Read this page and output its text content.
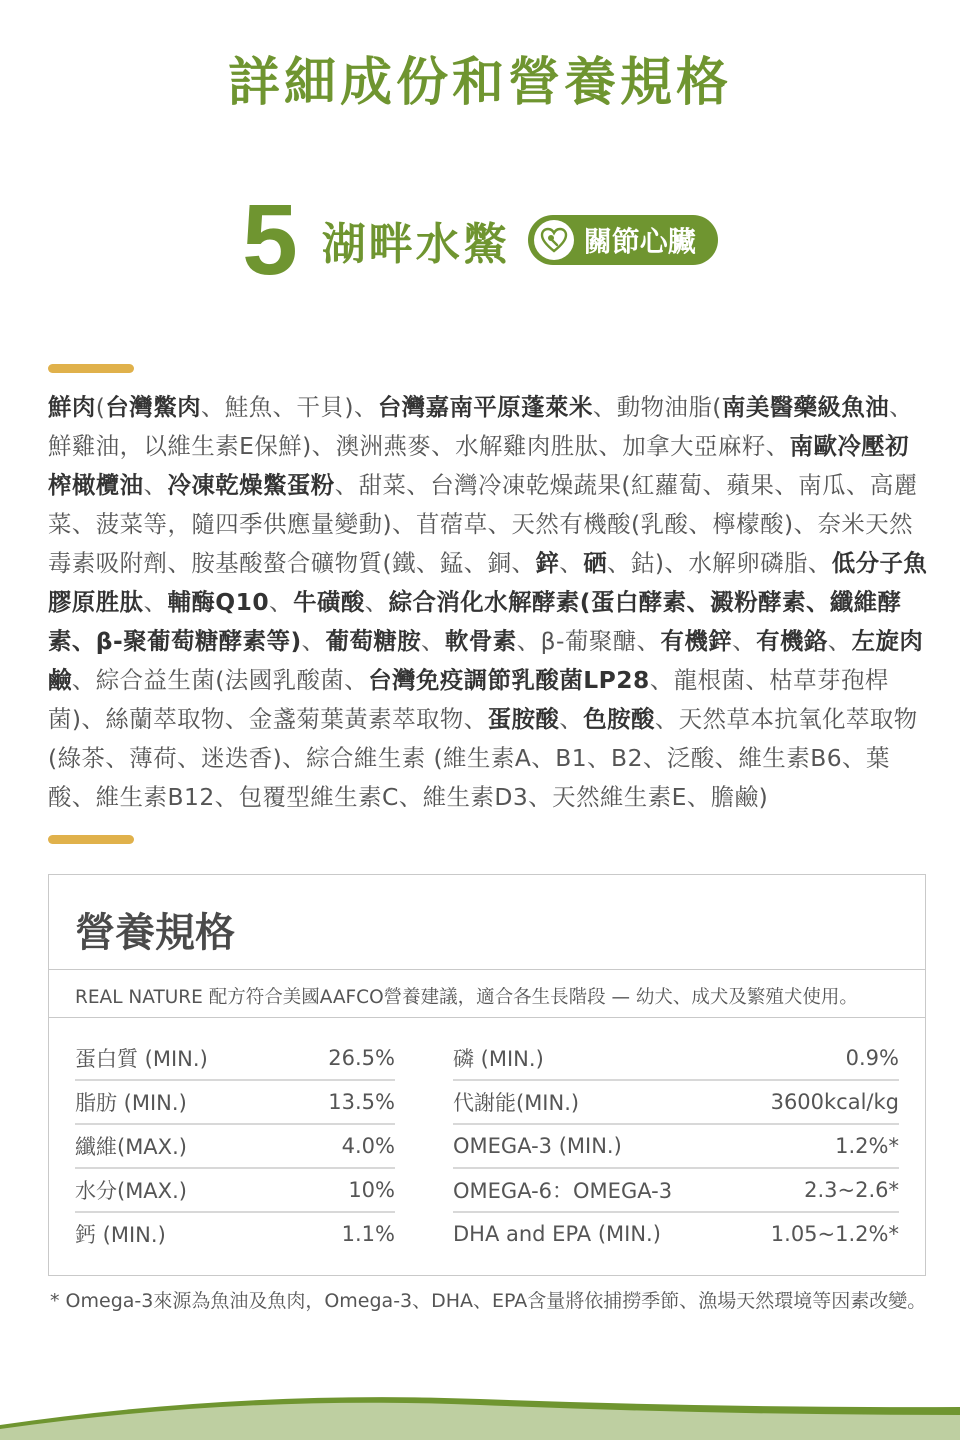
詳細成份和營養規格
5 湖畔水鱉	關節心臟

鮮肉(台灣鱉肉、鮭魚、干貝)、台灣嘉南平原蓬萊米、動物油脂(南美醫藥級魚油、鮮雞油，以維生素E保鮮)、澳洲燕麥、水解雞肉胜肽、加拿大亞麻籽、南歐冷壓初榨橄欖油、冷凍乾燥鱉蛋粉、甜菜、台灣冷凍乾燥蔬果(紅蘿蔔、蘋果、南瓜、高麗菜、菠菜等，隨四季供應量變動)、苜蓿草、天然有機酸(乳酸、檸檬酸)、奈米天然毒素吸附劑、胺基酸螯合礦物質(鐵、錳、銅、鋅、硒、鈷)、水解卵磷脂、低分子魚膠原胜肽、輔酶Q10、牛磺酸、綜合消化水解酵素(蛋白酵素、澱粉酵素、纖維酵素、β-聚葡萄糖酵素等)、葡萄糖胺、軟骨素、β-葡聚醣、有機鋅、有機鉻、左旋肉鹼、綜合益生菌(法國乳酸菌、台灣免疫調節乳酸菌LP28、龍根菌、枯草芽孢桿菌)、絲蘭萃取物、金盞菊葉黃素萃取物、蛋胺酸、色胺酸、天然草本抗氧化萃取物(綠茶、薄荷、迷迭香)、綜合維生素 (維生素A、B1、B2、泛酸、維生素B6、葉酸、維生素B12、包覆型維生素C、維生素D3、天然維生素E、膽鹼)

營養規格

REAL NATURE 配方符合美國AAFCO營養建議，適合各生長階段 — 幼犬、成犬及繁殖犬使用。

蛋白質 (MIN.)	26.5%
脂肪 (MIN.)	13.5%
纖維(MAX.)	4.0%
水分(MAX.)	10%
鈣 (MIN.)	1.1%
磷 (MIN.)	0.9%
代謝能(MIN.)	3600kcal/kg
OMEGA-3 (MIN.)	1.2%*
OMEGA-6：OMEGA-3	2.3~2.6*
DHA and EPA (MIN.)	1.05~1.2%*

* Omega-3來源為魚油及魚肉，Omega-3、DHA、EPA含量將依捕撈季節、漁場天然環境等因素改變。
